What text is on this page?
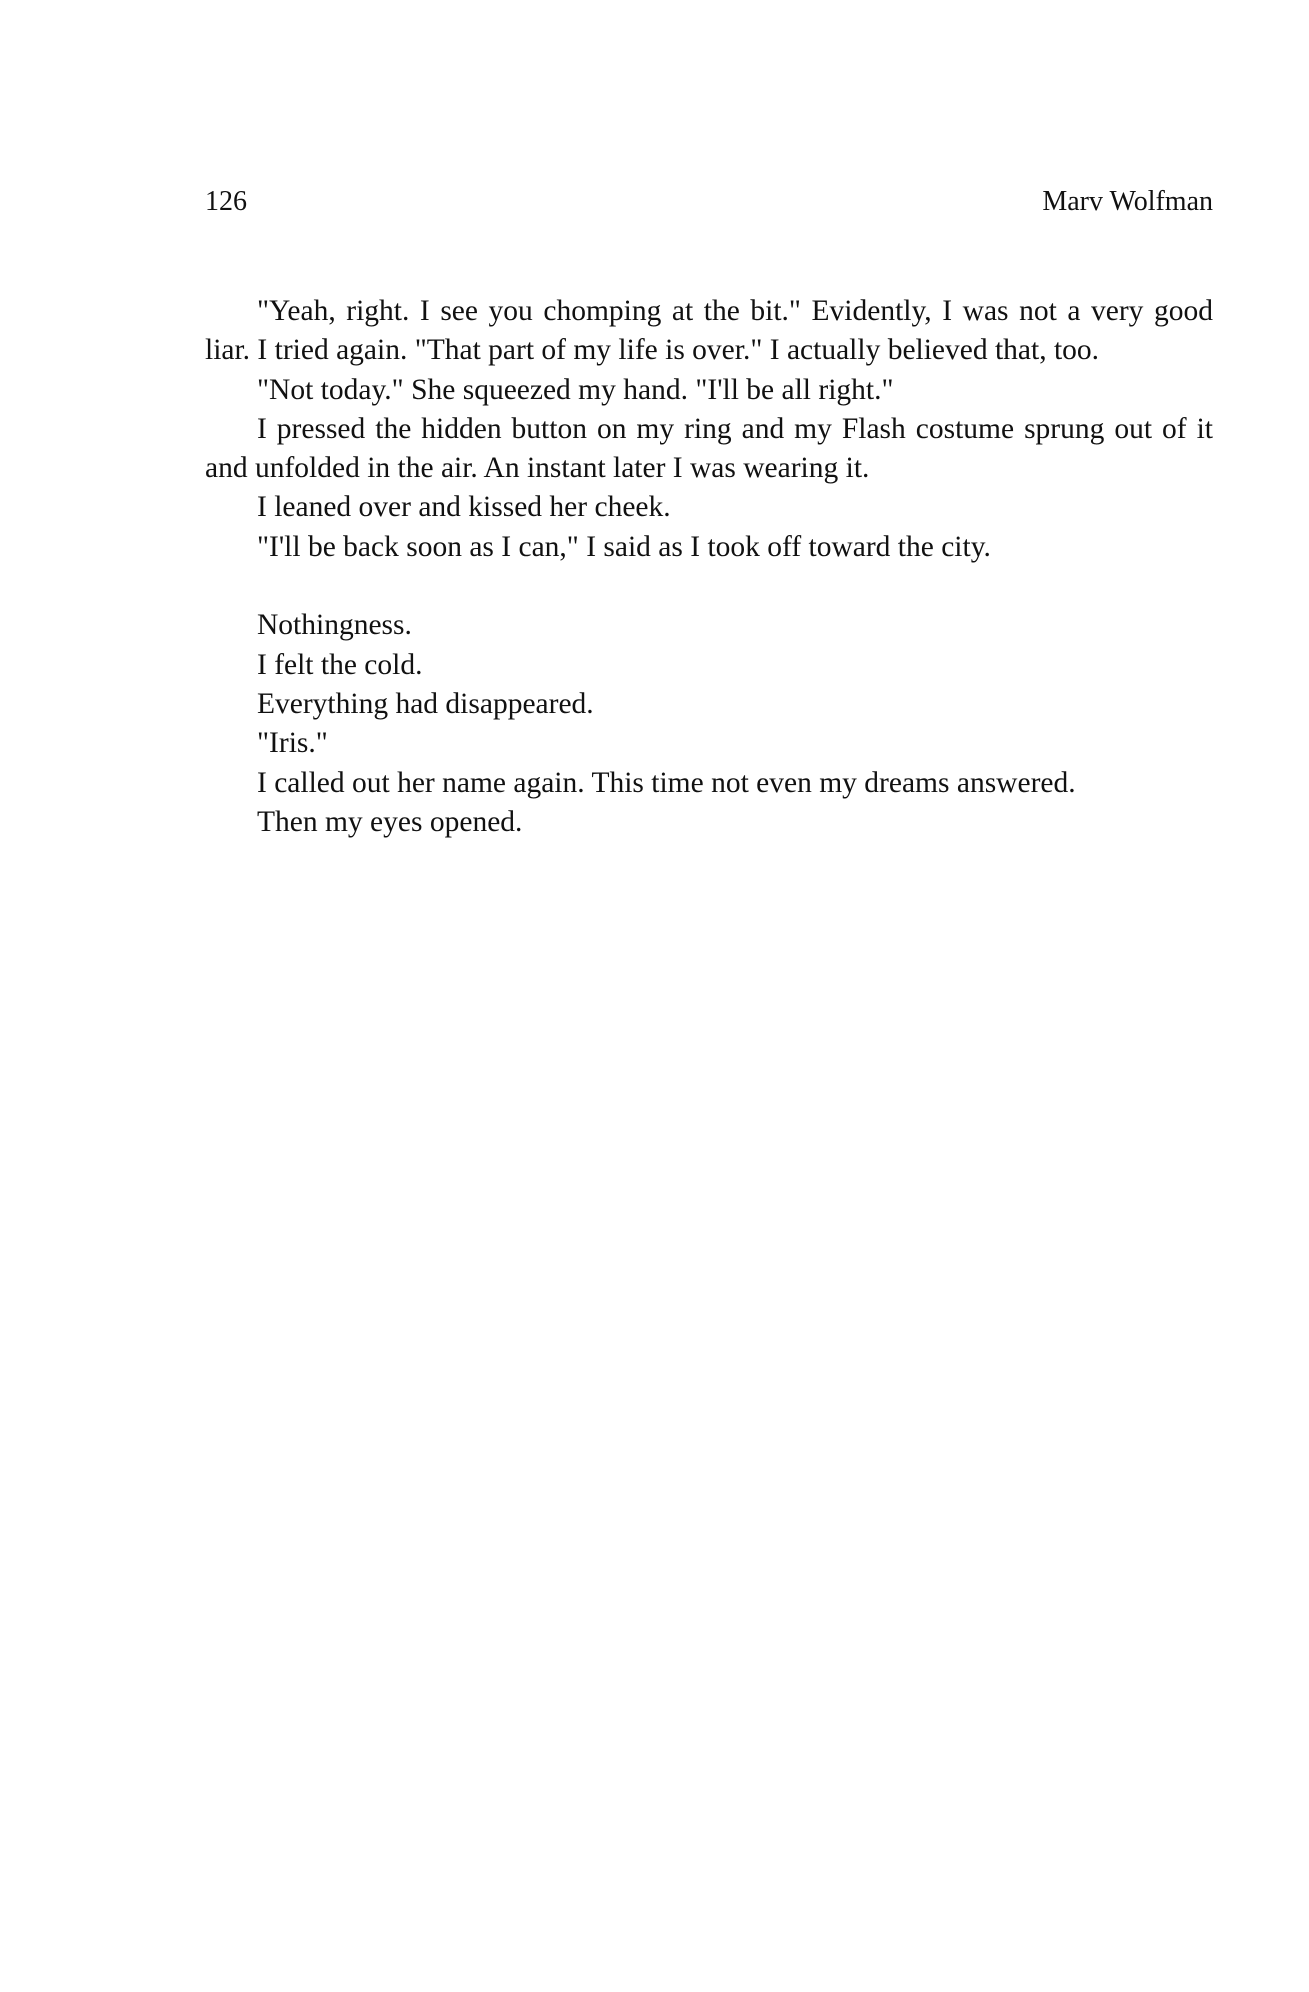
126	Marv Wolfman

"Yeah, right. I see you chomping at the bit." Evidently, I was not a very good liar. I tried again. "That part of my life is over." I actually believed that, too.

"Not today." She squeezed my hand. "I'll be all right."

I pressed the hidden button on my ring and my Flash costume sprung out of it and unfolded in the air. An instant later I was wearing it.

I leaned over and kissed her cheek.

"I'll be back soon as I can," I said as I took off toward the city.

Nothingness.

I felt the cold.

Everything had disappeared.

"Iris."

I called out her name again. This time not even my dreams answered.

Then my eyes opened.
